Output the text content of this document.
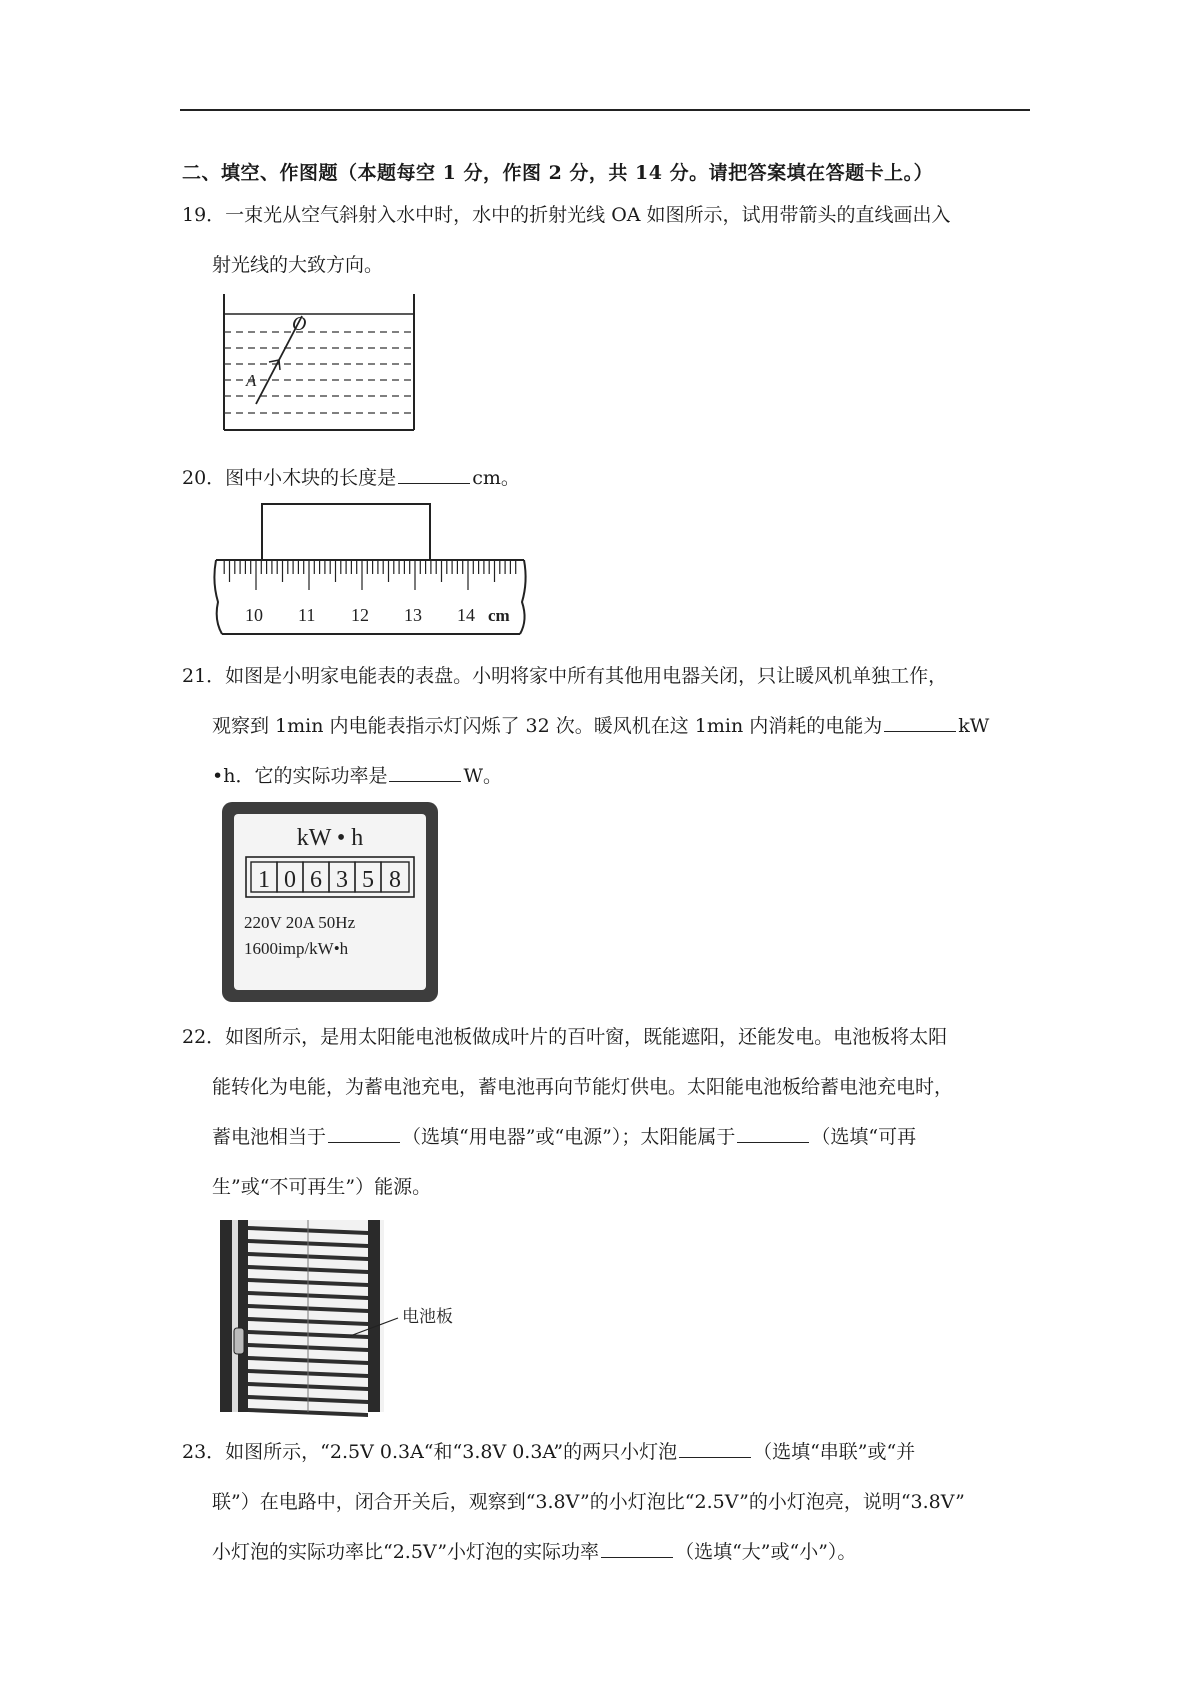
二、填空、作图题（本题每空 1 分，作图 2 分，共 14 分。请把答案填在答题卡上。）

19．一束光从空气斜射入水中时，水中的折射光线 OA 如图所示，试用带箭头的直线画出入

射光线的大致方向。

O
A

20．图中小木块的长度是	cm。

10 11 12 13 14 cm

21．如图是小明家电能表的表盘。小明将家中所有其他用电器关闭，只让暖风机单独工作，

观察到 1min 内电能表指示灯闪烁了 32 次。暖风机在这 1min 内消耗的电能为	kW

•h．它的实际功率是	W。

kW • h
1 0 6 3 5 8
220V 20A 50Hz
1600imp/kW•h

22．如图所示，是用太阳能电池板做成叶片的百叶窗，既能遮阳，还能发电。电池板将太阳

能转化为电能，为蓄电池充电，蓄电池再向节能灯供电。太阳能电池板给蓄电池充电时，

蓄电池相当于	（选填“用电器”或“电源”）；太阳能属于	（选填“可再

生”或“不可再生”）能源。

电池板

23．如图所示，“2.5V 0.3A“和“3.8V 0.3A”的两只小灯泡	（选填“串联”或“并

联”）在电路中，闭合开关后，观察到“3.8V”的小灯泡比“2.5V”的小灯泡亮，说明“3.8V”

小灯泡的实际功率比“2.5V”小灯泡的实际功率	（选填“大”或“小”）。
